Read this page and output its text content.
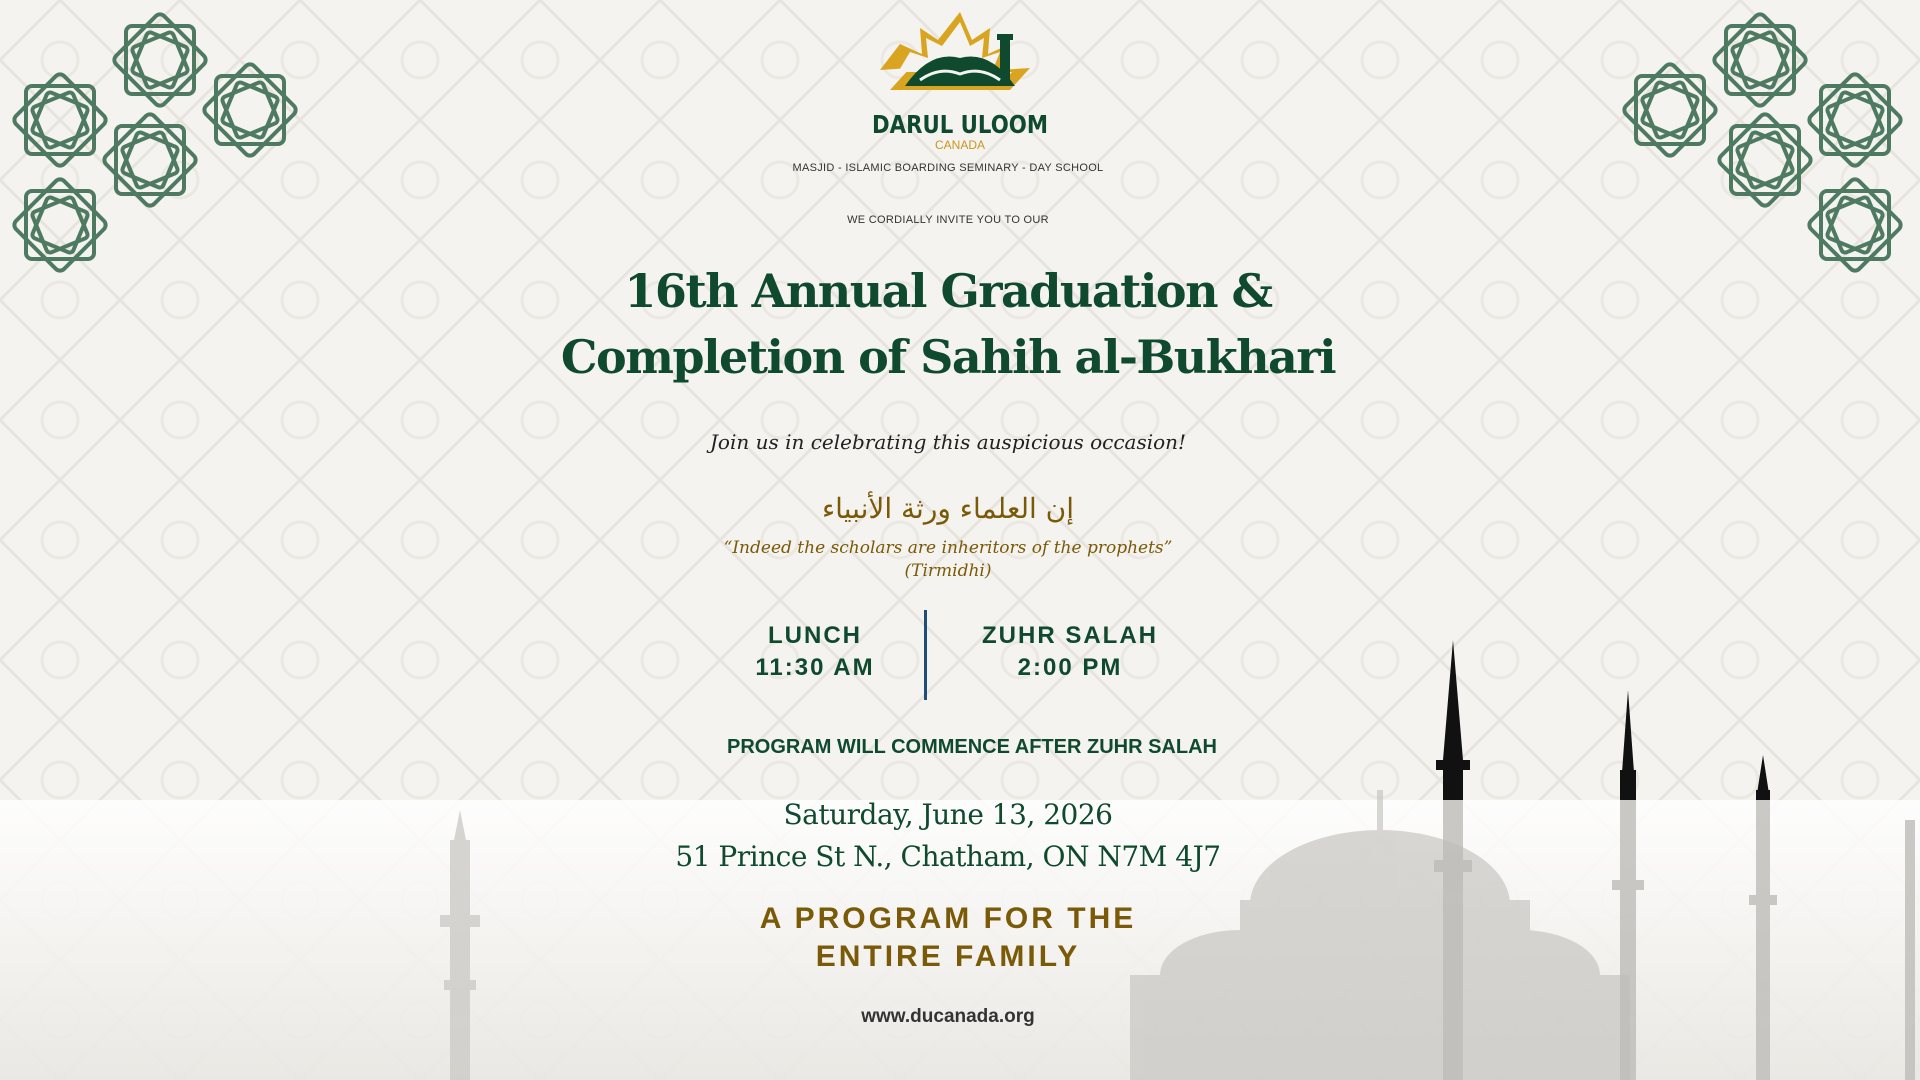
DARUL ULOOM
CANADA
MASJID - ISLAMIC BOARDING SEMINARY - DAY SCHOOL
WE CORDIALLY INVITE YOU TO OUR
16th Annual Graduation &
Completion of Sahih al-Bukhari
Join us in celebrating this auspicious occasion!
إن العلماء ورثة الأنبياء
“Indeed the scholars are inheritors of the prophets”
(Tirmidhi)
LUNCH
11:30 AM
ZUHR SALAH
2:00 PM
PROGRAM WILL COMMENCE AFTER ZUHR SALAH
Saturday, June 13, 2026
51 Prince St N., Chatham, ON N7M 4J7
A PROGRAM FOR THE
ENTIRE FAMILY
www.ducanada.org
